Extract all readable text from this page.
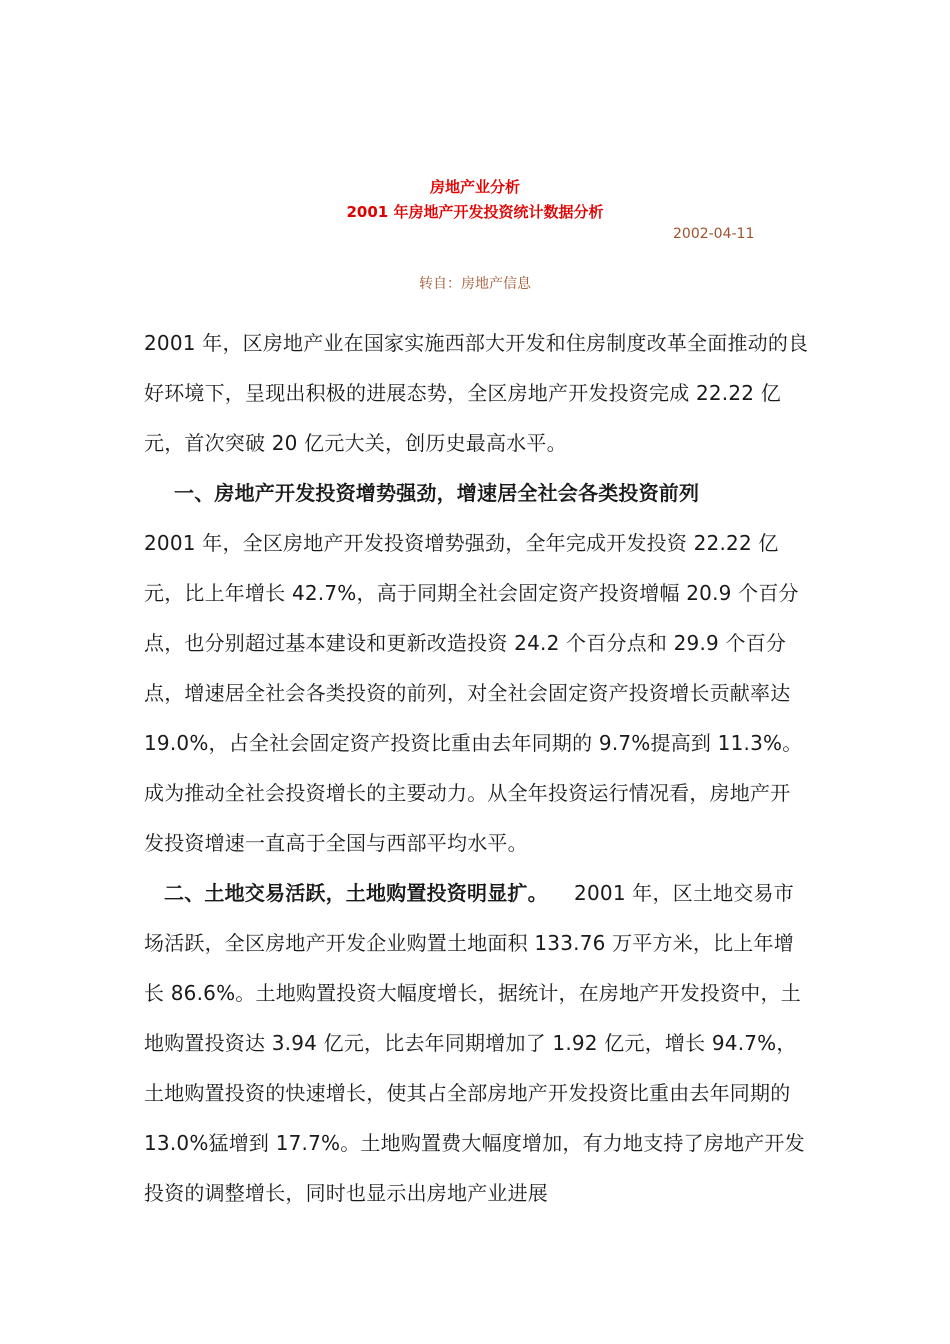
房地产业分析
2001 年房地产开发投资统计数据分析
2002-04-11
转自：房地产信息
2001 年，区房地产业在国家实施西部大开发和住房制度改革全面推动的良好环境下，呈现出积极的进展态势，全区房地产开发投资完成 22.22 亿元，首次突破 20 亿元大关，创历史最高水平。
一、房地产开发投资增势强劲，增速居全社会各类投资前列
2001 年，全区房地产开发投资增势强劲，全年完成开发投资 22.22 亿元，比上年增长 42.7%，高于同期全社会固定资产投资增幅 20.9 个百分点，也分别超过基本建设和更新改造投资 24.2 个百分点和 29.9 个百分点，增速居全社会各类投资的前列，对全社会固定资产投资增长贡献率达 19.0%，占全社会固定资产投资比重由去年同期的 9.7%提高到 11.3%。成为推动全社会投资增长的主要动力。从全年投资运行情况看，房地产开发投资增速一直高于全国与西部平均水平。
二、土地交易活跃，土地购置投资明显扩。 2001 年，区土地交易市场活跃，全区房地产开发企业购置土地面积 133.76 万平方米，比上年增长 86.6%。土地购置投资大幅度增长，据统计，在房地产开发投资中，土地购置投资达 3.94 亿元，比去年同期增加了 1.92 亿元，增长 94.7%，土地购置投资的快速增长，使其占全部房地产开发投资比重由去年同期的 13.0%猛增到 17.7%。土地购置费大幅度增加，有力地支持了房地产开发投资的调整增长，同时也显示出房地产业进展
